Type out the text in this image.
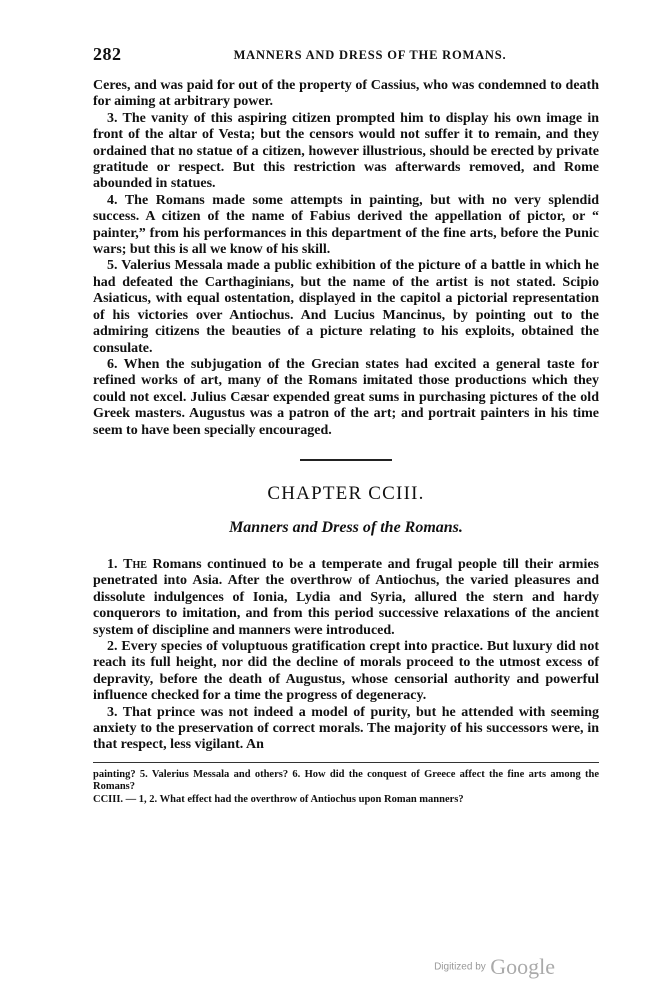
282	MANNERS AND DRESS OF THE ROMANS.

Ceres, and was paid for out of the property of Cassius, who was condemned to death for aiming at arbitrary power.

3. The vanity of this aspiring citizen prompted him to display his own image in front of the altar of Vesta; but the censors would not suffer it to remain, and they ordained that no statue of a citizen, however illustrious, should be erected by private gratitude or respect. But this restriction was afterwards removed, and Rome abounded in statues.

4. The Romans made some attempts in painting, but with no very splendid success. A citizen of the name of Fabius derived the appellation of pictor, or “ painter,” from his performances in this department of the fine arts, before the Punic wars; but this is all we know of his skill.

5. Valerius Messala made a public exhibition of the picture of a battle in which he had defeated the Carthaginians, but the name of the artist is not stated. Scipio Asiaticus, with equal ostentation, displayed in the capitol a pictorial representation of his victories over Antiochus. And Lucius Mancinus, by pointing out to the admiring citizens the beauties of a picture relating to his exploits, obtained the consulate.

6. When the subjugation of the Grecian states had excited a general taste for refined works of art, many of the Romans imitated those productions which they could not excel. Julius Cæsar expended great sums in purchasing pictures of the old Greek masters. Augustus was a patron of the art; and portrait painters in his time seem to have been specially encouraged.

CHAPTER CCIII.
Manners and Dress of the Romans.

1. The Romans continued to be a temperate and frugal people till their armies penetrated into Asia. After the overthrow of Antiochus, the varied pleasures and dissolute indulgences of Ionia, Lydia and Syria, allured the stern and hardy conquerors to imitation, and from this period successive relaxations of the ancient system of discipline and manners were introduced.

2. Every species of voluptuous gratification crept into practice. But luxury did not reach its full height, nor did the decline of morals proceed to the utmost excess of depravity, before the death of Augustus, whose censorial authority and powerful influence checked for a time the progress of degeneracy.

3. That prince was not indeed a model of purity, but he attended with seeming anxiety to the preservation of correct morals. The majority of his successors were, in that respect, less vigilant. An

painting? 5. Valerius Messala and others? 6. How did the conquest of Greece affect the fine arts among the Romans?
CCIII. — 1, 2. What effect had the overthrow of Antiochus upon Roman manners?
Digitized by Google
